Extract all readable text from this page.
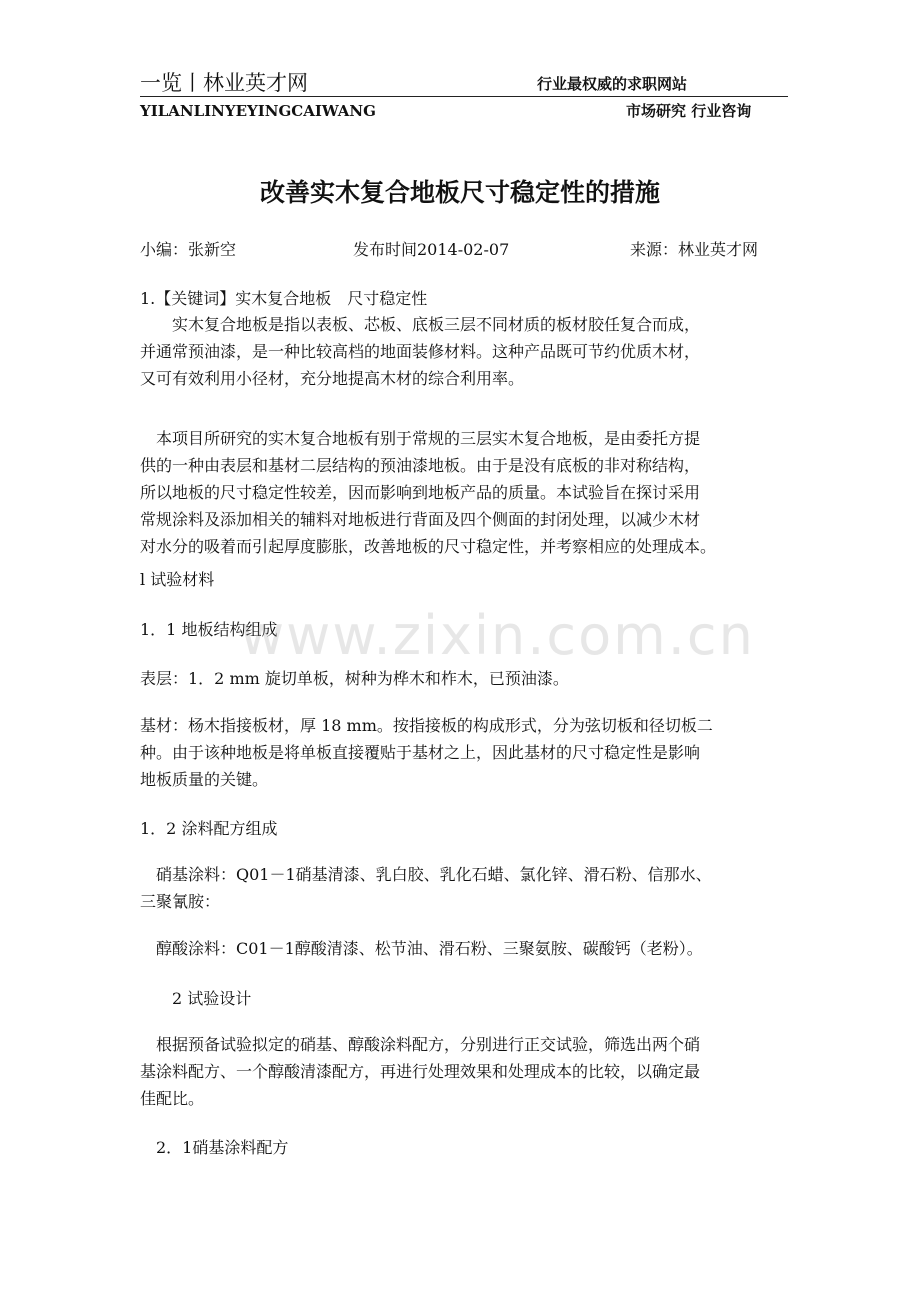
一览丨林业英才网	行业最权威的求职网站
YILANLINYEYINGCAIWANG	市场研究 行业咨询
改善实木复合地板尺寸稳定性的措施
小编：张新空	发布时间2014-02-07	来源：林业英才网
1.【关键词】实木复合地板　尺寸稳定性
　　实木复合地板是指以表板、芯板、底板三层不同材质的板材胶任复合而成，
并通常预油漆，是一种比较高档的地面装修材料。这种产品既可节约优质木材，
又可有效利用小径材，充分地提高木材的综合利用率。
　本项目所研究的实木复合地板有别于常规的三层实木复合地板，是由委托方提
供的一种由表层和基材二层结构的预油漆地板。由于是没有底板的非对称结构，
所以地板的尺寸稳定性较差，因而影响到地板产品的质量。本试验旨在探讨采用
常规涂料及添加相关的辅料对地板进行背面及四个侧面的封闭处理，以减少木材
对水分的吸着而引起厚度膨胀，改善地板的尺寸稳定性，并考察相应的处理成本。
l 试验材料
1．1 地板结构组成
表层：1．2 mm 旋切单板，树种为桦木和柞木，已预油漆。
基材：杨木指接板材，厚 18 mm。按指接板的构成形式，分为弦切板和径切板二
种。由于该种地板是将单板直接覆贴于基材之上，因此基材的尺寸稳定性是影响
地板质量的关键。
1．2 涂料配方组成
　硝基涂料：Q01－1硝基清漆、乳白胶、乳化石蜡、氯化锌、滑石粉、信那水、
三聚氰胺：
　醇酸涂料：C01－1醇酸清漆、松节油、滑石粉、三聚氨胺、碳酸钙（老粉）。
　　2 试验设计
　根据预备试验拟定的硝基、醇酸涂料配方，分别进行正交试验，筛选出两个硝
基涂料配方、一个醇酸清漆配方，再进行处理效果和处理成本的比较，以确定最
佳配比。
　2．1硝基涂料配方
www.zixin.com.cn
